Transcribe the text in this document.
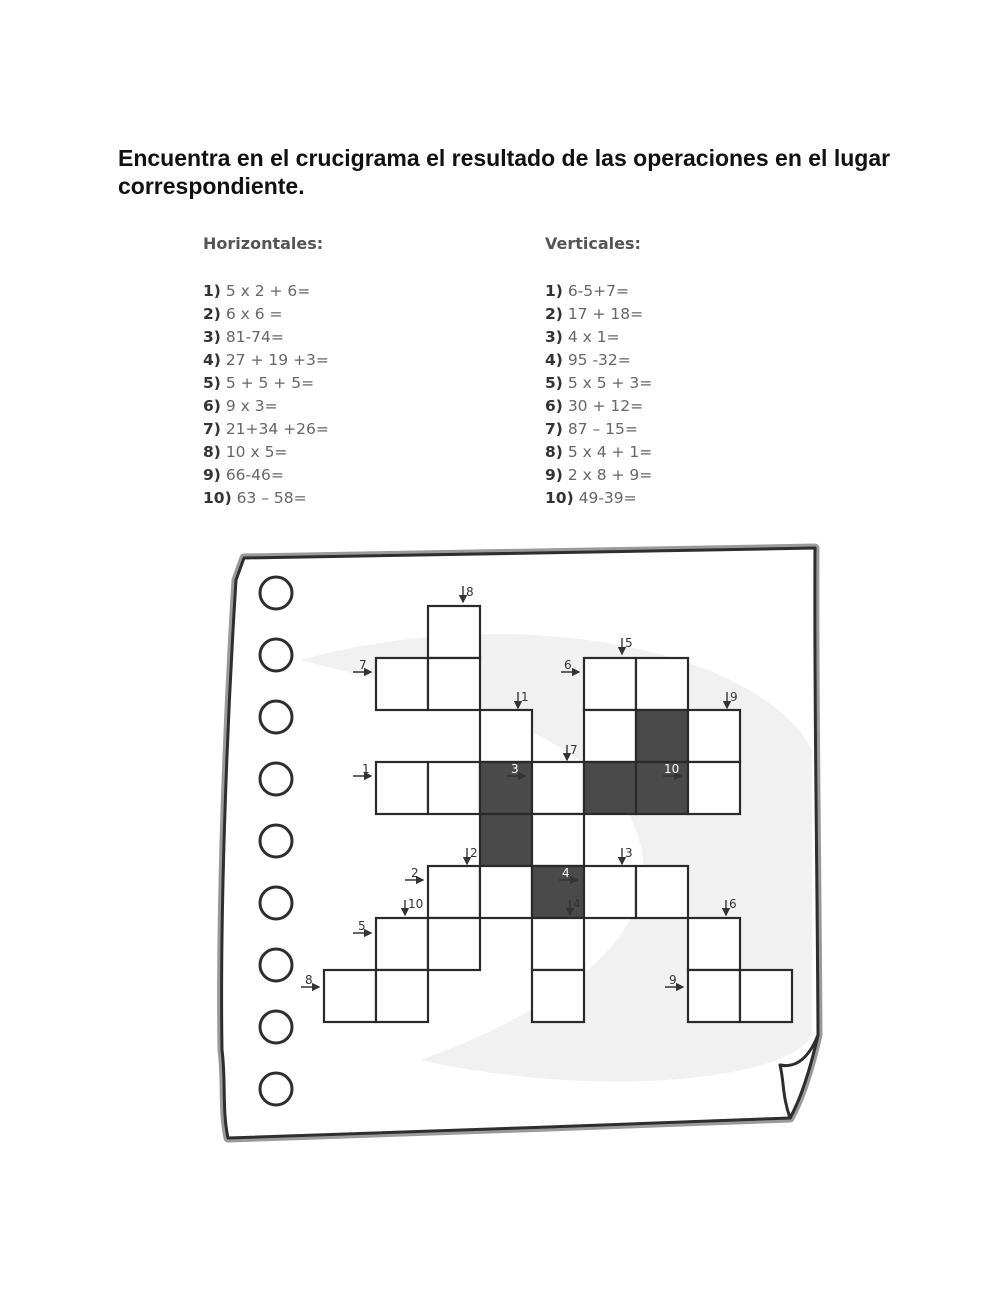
Encuentra en el crucigrama el resultado de las operaciones en el lugar correspondiente.
Horizontales:
1) 5 x 2 + 6=
2) 6 x 6 =
3) 81-74=
4) 27 + 19 +3=
5) 5 + 5 + 5=
6) 9 x 3=
7) 21+34 +26=
8) 10 x 5=
9) 66-46=
10) 63 – 58=
Verticales:
1) 6-5+7=
2) 17 + 18=
3) 4 x 1=
4) 95 -32=
5) 5 x 5 + 3=
6) 30 + 12=
7) 87 – 15=
8) 5 x 4 + 1=
9) 2 x 8 + 9=
10) 49-39=
8
7	6
5
1	9
7
1	3	10
2	3
2	4
4
10	6
5
8	9
